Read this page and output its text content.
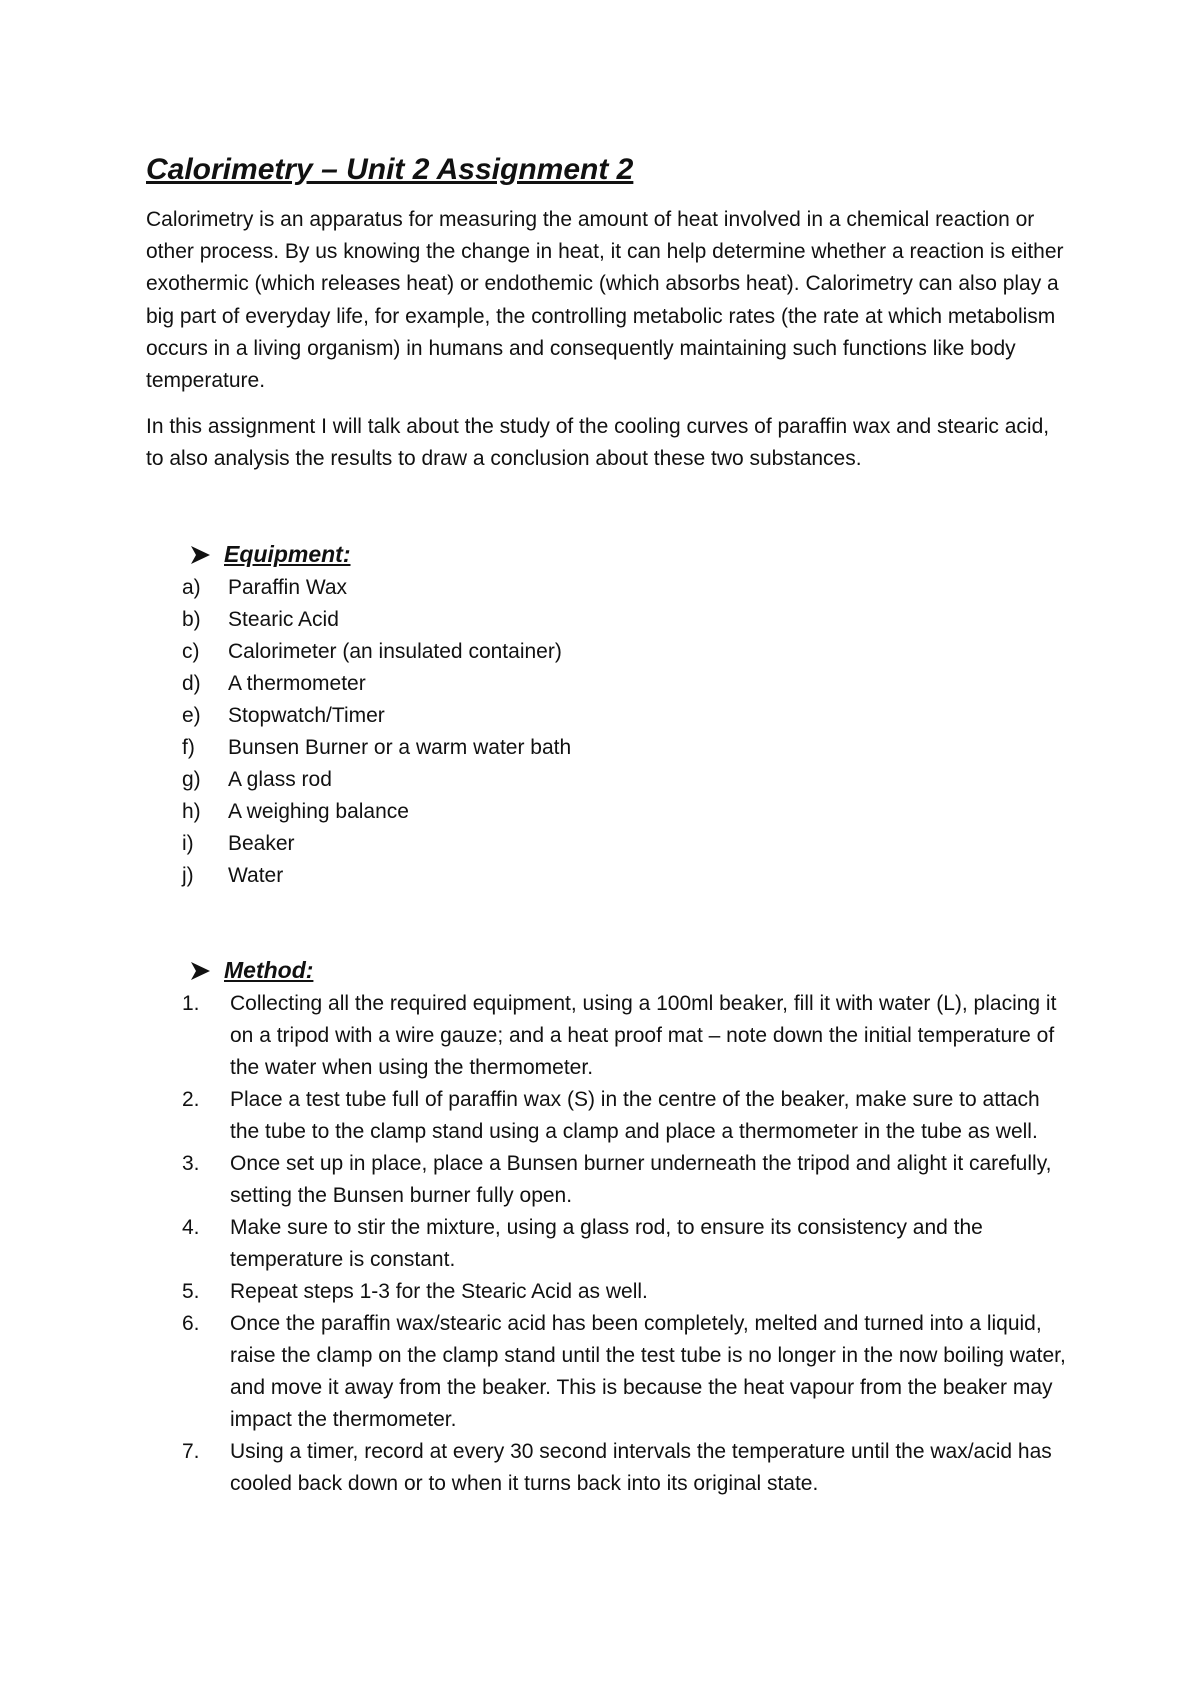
Calorimetry – Unit 2 Assignment 2

Calorimetry is an apparatus for measuring the amount of heat involved in a chemical reaction or other process. By us knowing the change in heat, it can help determine whether a reaction is either exothermic (which releases heat) or endothemic (which absorbs heat). Calorimetry can also play a big part of everyday life, for example, the controlling metabolic rates (the rate at which metabolism occurs in a living organism) in humans and consequently maintaining such functions like body temperature.

In this assignment I will talk about the study of the cooling curves of paraffin wax and stearic acid, to also analysis the results to draw a conclusion about these two substances.

Equipment:
a)	Paraffin Wax
b)	Stearic Acid
c)	Calorimeter (an insulated container)
d)	A thermometer
e)	Stopwatch/Timer
f)	Bunsen Burner or a warm water bath
g)	A glass rod
h)	A weighing balance
i)	Beaker
j)	Water
Method:
1.	Collecting all the required equipment, using a 100ml beaker, fill it with water (L), placing it on a tripod with a wire gauze; and a heat proof mat – note down the initial temperature of the water when using the thermometer.
2.	Place a test tube full of paraffin wax (S) in the centre of the beaker, make sure to attach the tube to the clamp stand using a clamp and place a thermometer in the tube as well.
3.	Once set up in place, place a Bunsen burner underneath the tripod and alight it carefully, setting the Bunsen burner fully open.
4.	Make sure to stir the mixture, using a glass rod, to ensure its consistency and the temperature is constant.
5.	Repeat steps 1-3 for the Stearic Acid as well.
6.	Once the paraffin wax/stearic acid has been completely, melted and turned into a liquid, raise the clamp on the clamp stand until the test tube is no longer in the now boiling water, and move it away from the beaker. This is because the heat vapour from the beaker may impact the thermometer.
7.	Using a timer, record at every 30 second intervals the temperature until the wax/acid has cooled back down or to when it turns back into its original state.
